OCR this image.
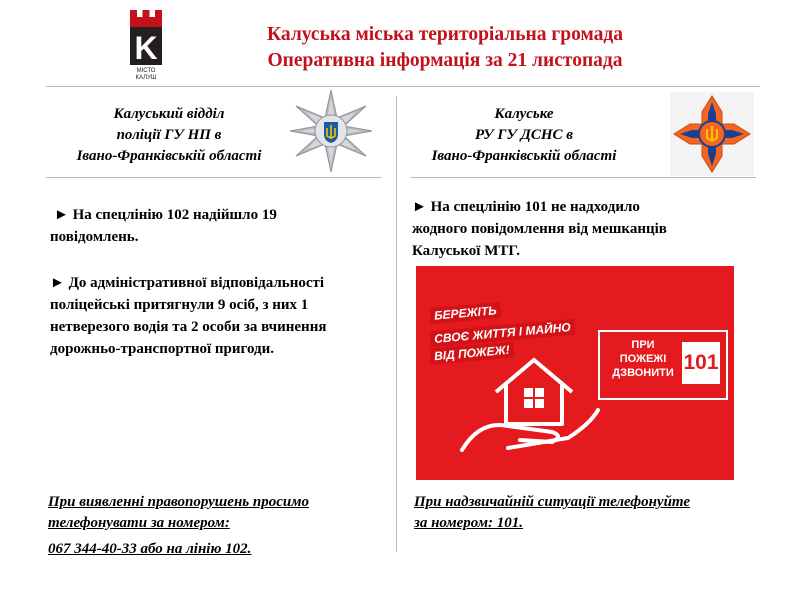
K
МІСТО
КАЛУШ
Калуська міська територіальна громада
Оперативна інформація за 21 листопада
Калуський відділ
поліції ГУ НП в
Івано-Франківській області
Калуське
РУ ГУ ДСНС в
Івано-Франківській області
► На спецлінію 102 надійшло 19
повідомлень.
► До адміністративної відповідальності
поліцейські притягнули 9 осіб, з них 1
нетверезого водія та 2 особи за вчинення
дорожньо-транспортної пригоди.
► На спецлінію 101 не надходило
жодного повідомлення від мешканців
Калуської МТГ.
БЕРЕЖІТЬ
СВОЄ ЖИТТЯ І МАЙНО
ВІД ПОЖЕЖ!	ПРИ
ПОЖЕЖІ
ДЗВОНИТИ 101
При виявленні правопорушень просимо
телефонувати за номером:
067 344-40-33 або на лінію 102.
При надзвичайній ситуації телефонуйте
за номером: 101.
